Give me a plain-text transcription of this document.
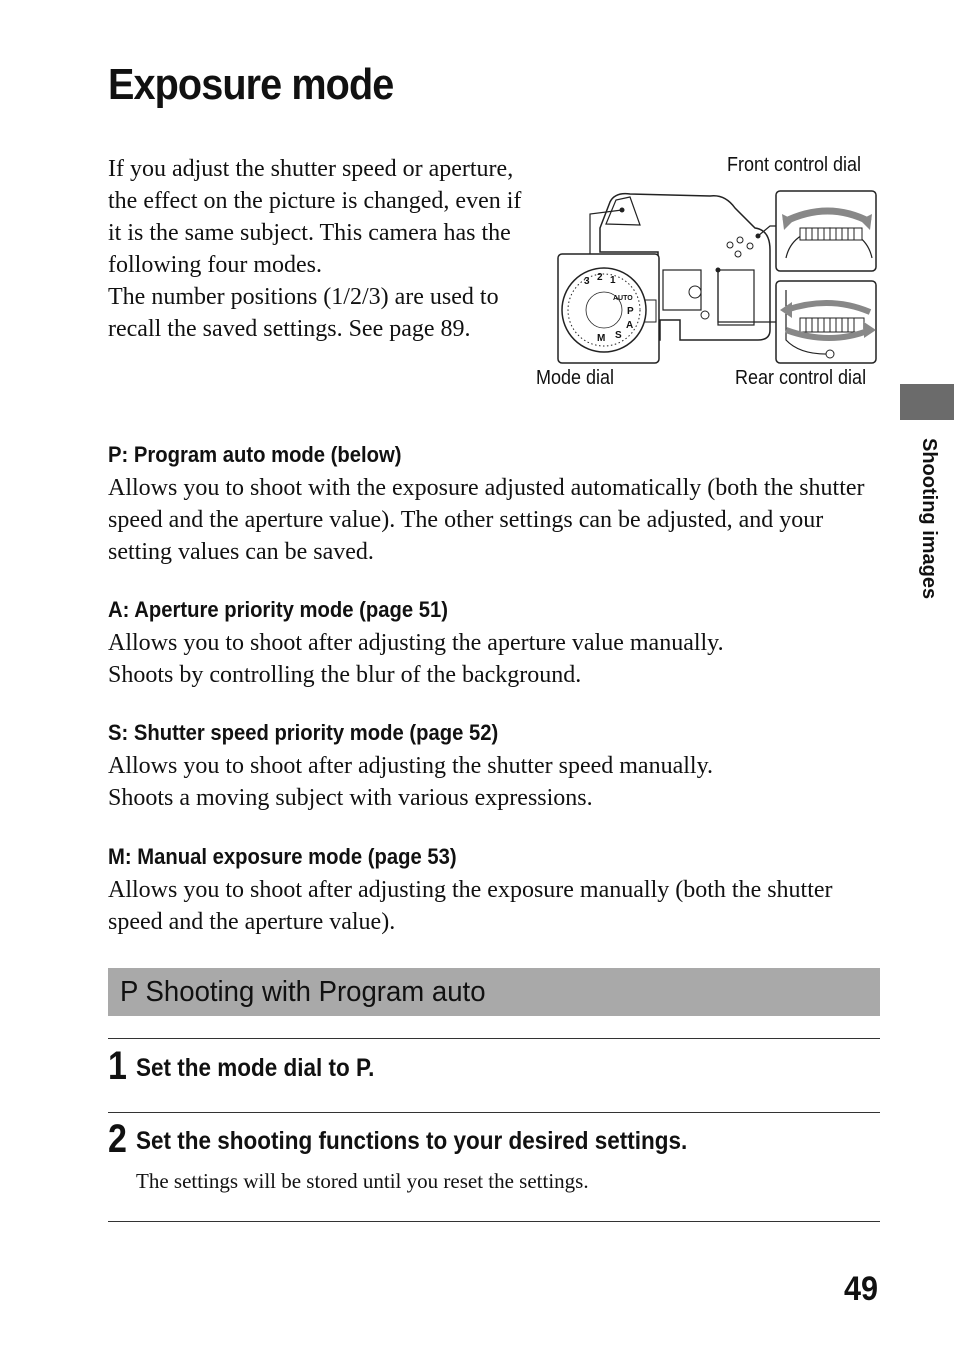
Exposure mode

If you adjust the shutter speed or aperture, the effect on the picture is changed, even if it is the same subject. This camera has the following four modes.

The number positions (1/2/3) are used to recall the saved settings. See page 89.

Front control dial
Mode dial	Rear control dial
3 2 1
AUTO
P
A
S
M
P: Program auto mode (below)

Allows you to shoot with the exposure adjusted automatically (both the shutter speed and the aperture value). The other settings can be adjusted, and your setting values can be saved.

A: Aperture priority mode (page 51)

Allows you to shoot after adjusting the aperture value manually.
Shoots by controlling the blur of the background.

S: Shutter speed priority mode (page 52)

Allows you to shoot after adjusting the shutter speed manually.
Shoots a moving subject with various expressions.

M: Manual exposure mode (page 53)

Allows you to shoot after adjusting the exposure manually (both the shutter speed and the aperture value).

P Shooting with Program auto
1 Set the mode dial to P.
2 Set the shooting functions to your desired settings.
The settings will be stored until you reset the settings.
Shooting images
49
